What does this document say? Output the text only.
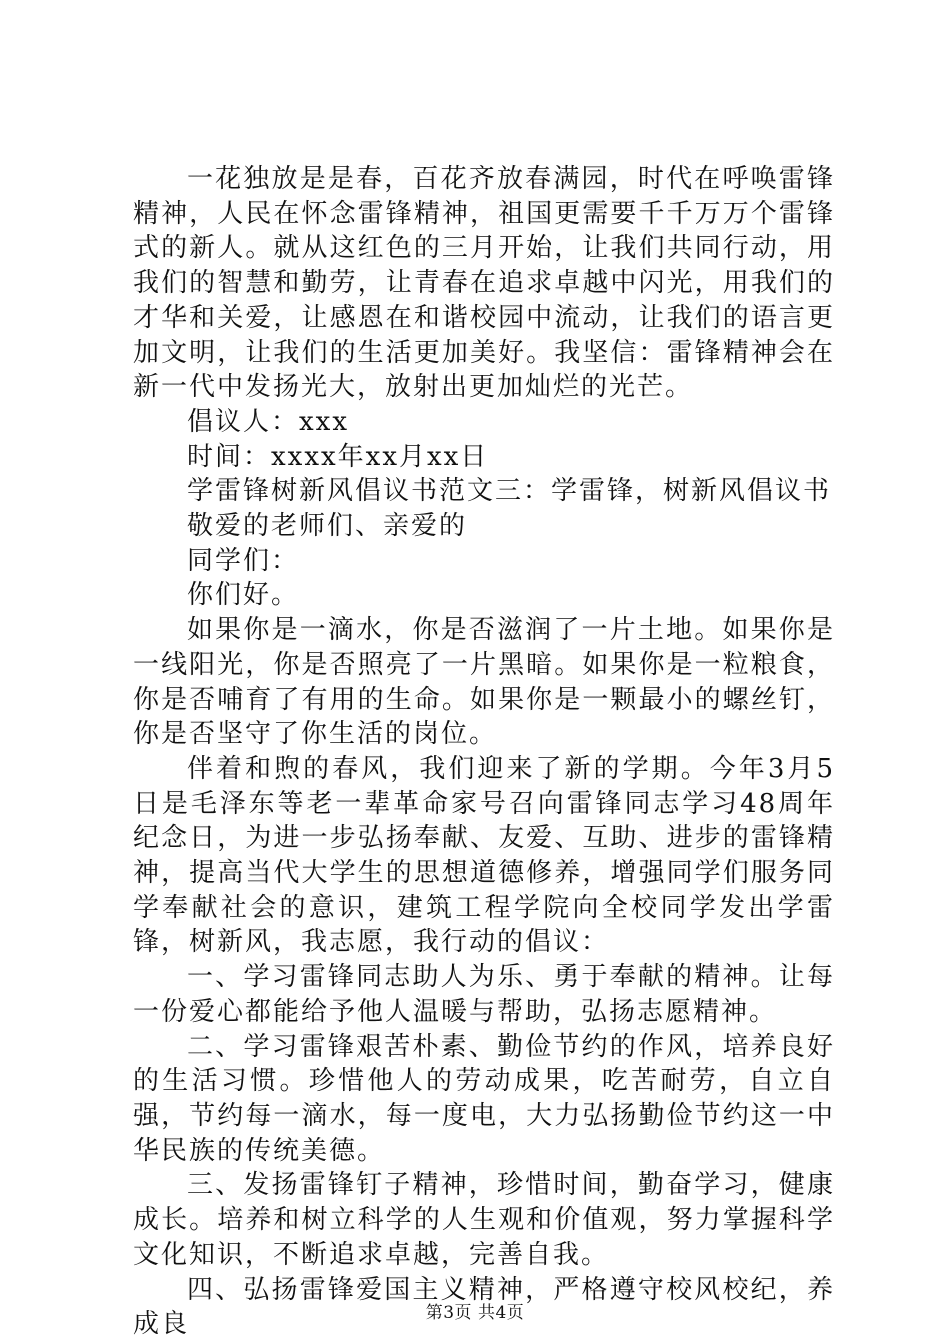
一花独放是是春，百花齐放春满园，时代在呼唤雷锋精神，人民在怀念雷锋精神，祖国更需要千千万万个雷锋式的新人。就从这红色的三月开始，让我们共同行动，用我们的智慧和勤劳，让青春在追求卓越中闪光，用我们的才华和关爱，让感恩在和谐校园中流动，让我们的语言更加文明，让我们的生活更加美好。我坚信：雷锋精神会在新一代中发扬光大，放射出更加灿烂的光芒。

倡议人：xxx

时间：xxxx年xx月xx日

学雷锋树新风倡议书范文三：学雷锋，树新风倡议书

敬爱的老师们、亲爱的

同学们：

你们好。

如果你是一滴水，你是否滋润了一片土地。如果你是一线阳光，你是否照亮了一片黑暗。如果你是一粒粮食，你是否哺育了有用的生命。如果你是一颗最小的螺丝钉，你是否坚守了你生活的岗位。

伴着和煦的春风，我们迎来了新的学期。今年3月5日是毛泽东等老一辈革命家号召向雷锋同志学习48周年纪念日，为进一步弘扬奉献、友爱、互助、进步的雷锋精神，提高当代大学生的思想道德修养，增强同学们服务同学奉献社会的意识，建筑工程学院向全校同学发出学雷锋，树新风，我志愿，我行动的倡议：

一、学习雷锋同志助人为乐、勇于奉献的精神。让每一份爱心都能给予他人温暖与帮助，弘扬志愿精神。

二、学习雷锋艰苦朴素、勤俭节约的作风，培养良好的生活习惯。珍惜他人的劳动成果，吃苦耐劳，自立自强，节约每一滴水，每一度电，大力弘扬勤俭节约这一中华民族的传统美德。

三、发扬雷锋钉子精神，珍惜时间，勤奋学习，健康成长。培养和树立科学的人生观和价值观，努力掌握科学文化知识，不断追求卓越，完善自我。

四、弘扬雷锋爱国主义精神，严格遵守校风校纪，养成良	第3页 共4页
